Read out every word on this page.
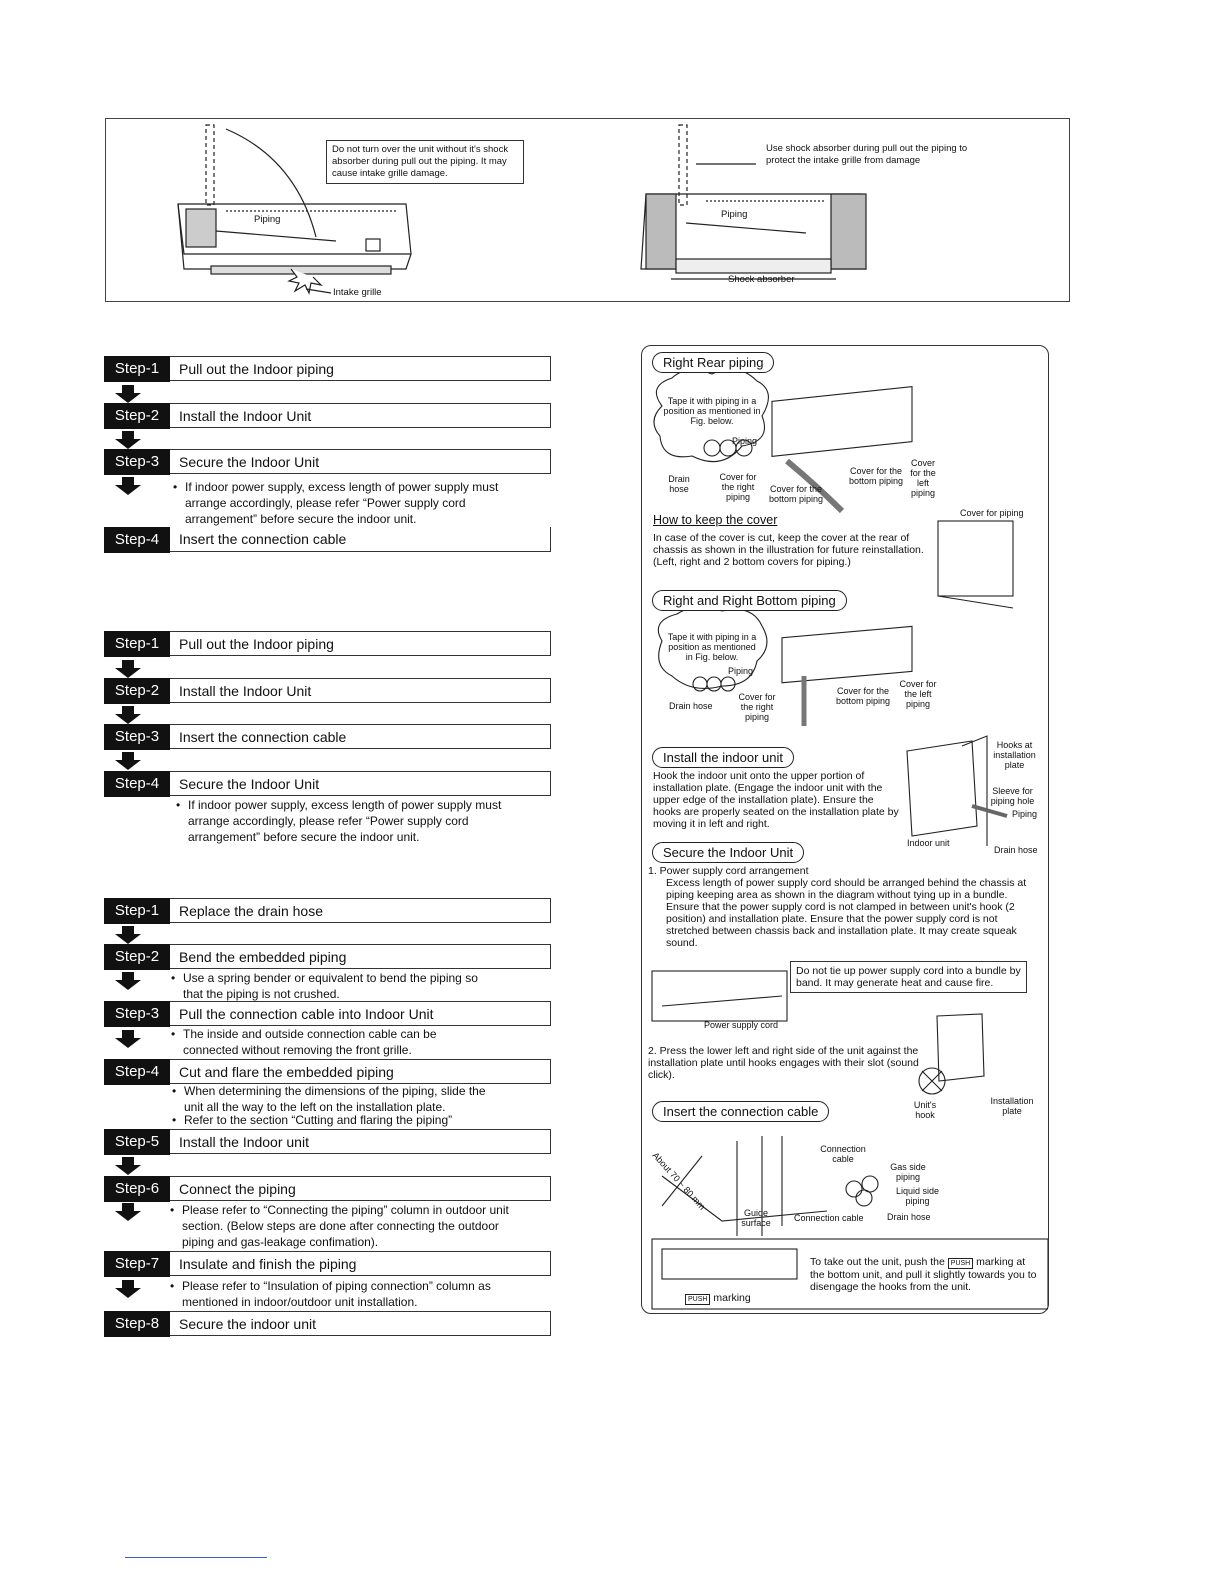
Do not turn over the unit without it's shock absorber during pull out the piping. It may cause intake grille damage.
Piping
Intake grille
Use shock absorber during pull out the piping to protect the intake grille from damage
Piping
Shock absorber
Step-1	Pull out the Indoor piping
Step-2	Install the Indoor Unit
Step-3	Secure the Indoor Unit
• If indoor power supply, excess length of power supply must
arrange accordingly, please refer “Power supply cord
arrangement” before secure the indoor unit.
Step-4	Insert the connection cable
Step-1	Pull out the Indoor piping
Step-2	Install the Indoor Unit
Step-3	Insert the connection cable
Step-4	Secure the Indoor Unit
• If indoor power supply, excess length of power supply must
arrange accordingly, please refer “Power supply cord
arrangement” before secure the indoor unit.
Step-1	Replace the drain hose
Step-2	Bend the embedded piping
• Use a spring bender or equivalent to bend the piping so
that the piping is not crushed.
Step-3	Pull the connection cable into Indoor Unit
• The inside and outside connection cable can be
connected without removing the front grille.
Step-4	Cut and flare the embedded piping
• When determining the dimensions of the piping, slide the
unit all the way to the left on the installation plate.
• Refer to the section “Cutting and flaring the piping”
Step-5	Install the Indoor unit
Step-6	Connect the piping
• Please refer to “Connecting the piping” column in outdoor unit
section. (Below steps are done after connecting the outdoor
piping and gas-leakage confimation).
Step-7	Insulate and finish the piping
• Please refer to “Insulation of piping connection” column as
mentioned in indoor/outdoor unit installation.
Step-8	Secure the indoor unit
Right Rear piping
Tape it with piping in a position as mentioned in Fig. below.
Piping
Drain hose
Cover for the right piping
Cover for the bottom piping
Cover for the bottom piping
Cover for the left piping
How to keep the cover
In case of the cover is cut, keep the cover at the rear of chassis as shown in the illustration for future reinstallation. (Left, right and 2 bottom covers for piping.)
Cover for piping
Right and Right Bottom piping
Tape it with piping in a position as mentioned in Fig. below.
Piping
Drain hose
Cover for the right piping
Cover for the bottom piping
Cover for the left piping
Install the indoor unit
Hook the indoor unit onto the upper portion of installation plate. (Engage the indoor unit with the upper edge of the installation plate). Ensure the hooks are properly seated on the installation plate by moving it in left and right.
Hooks at installation plate
Sleeve for piping hole
Piping
Indoor unit
Drain hose
Secure the Indoor Unit
1. Power supply cord arrangement
Excess length of power supply cord should be arranged behind the chassis at piping keeping area as shown in the diagram without tying up in a bundle. Ensure that the power supply cord is not clamped in between unit's hook (2 position) and installation plate. Ensure that the power supply cord is not stretched between chassis back and installation plate. It may create squeak sound.
Do not tie up power supply cord into a bundle by band. It may generate heat and cause fire.
Power supply cord
2. Press the lower left and right side of the unit against the installation plate until hooks engages with their slot (sound click).
Unit's hook
Installation plate
Insert the connection cable
About 70 ~ 80 mm
Connection cable
Gas side piping
Liquid side piping
Guide surface	Connection cable	Drain hose
PUSH marking
To take out the unit, push the PUSH marking at the bottom unit, and pull it slightly towards you to disengage the hooks from the unit.
